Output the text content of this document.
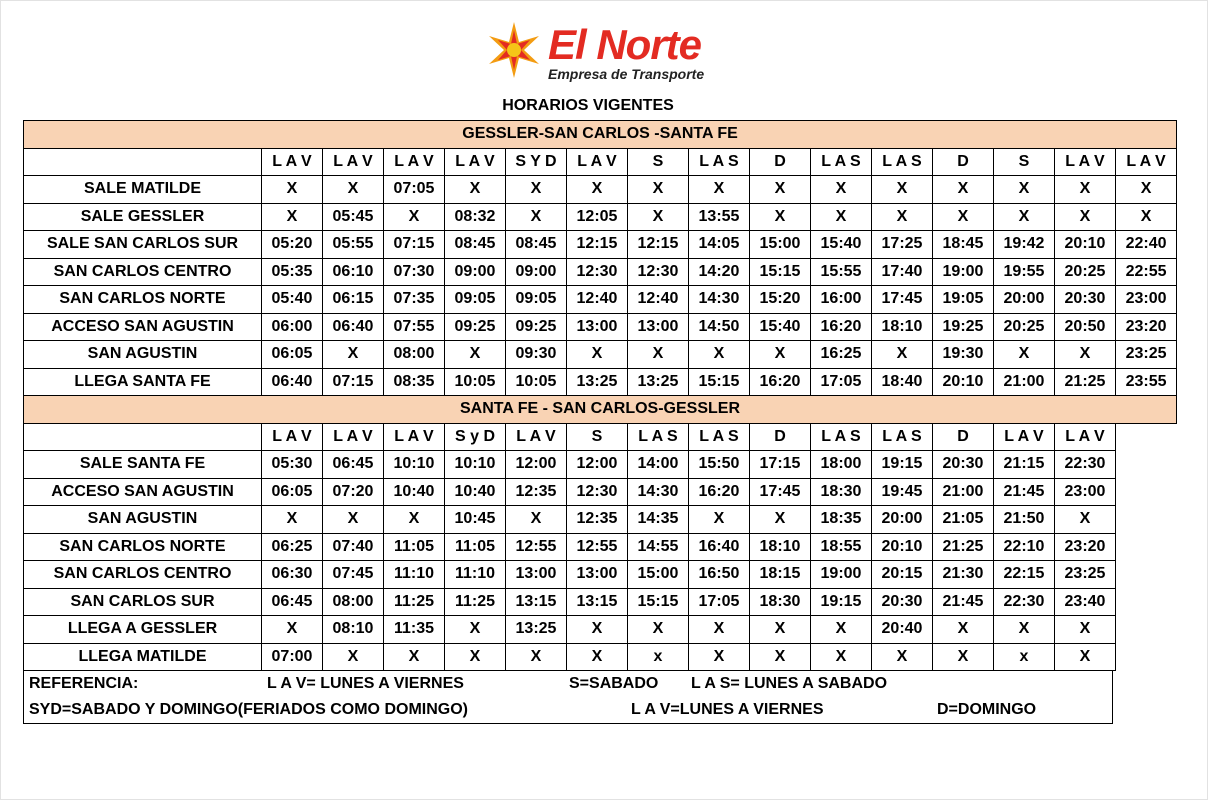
El Norte
Empresa de Transporte
HORARIOS VIGENTES
GESSLER-SAN CARLOS -SANTA FE															
	L A V	L A V	L A V	L A V	S Y D	L A V	S	L A S	D	L A S	L A S	D	S	L A V	L A V
SALE MATILDE	X	X	07:05	X	X	X	X	X	X	X	X	X	X	X	X
SALE GESSLER	X	05:45	X	08:32	X	12:05	X	13:55	X	X	X	X	X	X	X
SALE SAN CARLOS SUR	05:20	05:55	07:15	08:45	08:45	12:15	12:15	14:05	15:00	15:40	17:25	18:45	19:42	20:10	22:40
SAN CARLOS CENTRO	05:35	06:10	07:30	09:00	09:00	12:30	12:30	14:20	15:15	15:55	17:40	19:00	19:55	20:25	22:55
SAN CARLOS NORTE	05:40	06:15	07:35	09:05	09:05	12:40	12:40	14:30	15:20	16:00	17:45	19:05	20:00	20:30	23:00
ACCESO SAN AGUSTIN	06:00	06:40	07:55	09:25	09:25	13:00	13:00	14:50	15:40	16:20	18:10	19:25	20:25	20:50	23:20
SAN AGUSTIN	06:05	X	08:00	X	09:30	X	X	X	X	16:25	X	19:30	X	X	23:25
LLEGA SANTA FE	06:40	07:15	08:35	10:05	10:05	13:25	13:25	15:15	16:20	17:05	18:40	20:10	21:00	21:25	23:55
SANTA FE - SAN CARLOS-GESSLER															
	L A V	L A V	L A V	S y D	L A V	S	L A S	L A S	D	L A S	L A S	D	L A V	L A V	
SALE SANTA FE	05:30	06:45	10:10	10:10	12:00	12:00	14:00	15:50	17:15	18:00	19:15	20:30	21:15	22:30	
ACCESO SAN AGUSTIN	06:05	07:20	10:40	10:40	12:35	12:30	14:30	16:20	17:45	18:30	19:45	21:00	21:45	23:00	
SAN AGUSTIN	X	X	X	10:45	X	12:35	14:35	X	X	18:35	20:00	21:05	21:50	X	
SAN CARLOS NORTE	06:25	07:40	11:05	11:05	12:55	12:55	14:55	16:40	18:10	18:55	20:10	21:25	22:10	23:20	
SAN CARLOS CENTRO	06:30	07:45	11:10	11:10	13:00	13:00	15:00	16:50	18:15	19:00	20:15	21:30	22:15	23:25	
SAN CARLOS SUR	06:45	08:00	11:25	11:25	13:15	13:15	15:15	17:05	18:30	19:15	20:30	21:45	22:30	23:40	
LLEGA A GESSLER	X	08:10	11:35	X	13:25	X	X	X	X	X	20:40	X	X	X	
LLEGA MATILDE	07:00	X	X	X	X	X	x	X	X	X	X	X	x	X	
REFERENCIA:	L A V= LUNES A VIERNES	S=SABADO L A S= LUNES A SABADO
SYD=SABADO Y DOMINGO(FERIADOS COMO DOMINGO)	L A V=LUNES A VIERNES	D=DOMINGO
